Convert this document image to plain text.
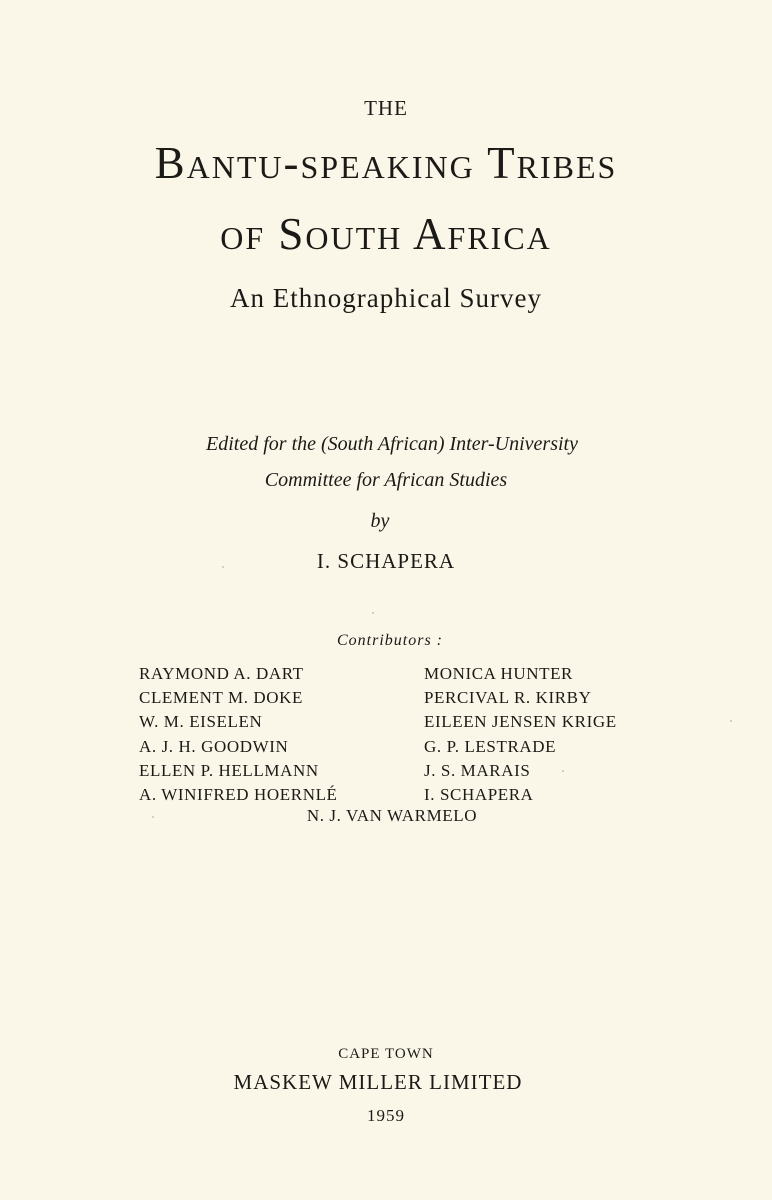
THE
Bantu-speaking Tribes
of South Africa
An Ethnographical Survey
Edited for the (South African) Inter-University
Committee for African Studies
by
I. SCHAPERA
Contributors :
RAYMOND A. DART
CLEMENT M. DOKE
W. M. EISELEN
A. J. H. GOODWIN
ELLEN P. HELLMANN
A. WINIFRED HOERNLÉ
MONICA HUNTER
PERCIVAL R. KIRBY
EILEEN JENSEN KRIGE
G. P. LESTRADE
J. S. MARAIS
I. SCHAPERA
N. J. VAN WARMELO
CAPE TOWN
MASKEW MILLER LIMITED
1959
